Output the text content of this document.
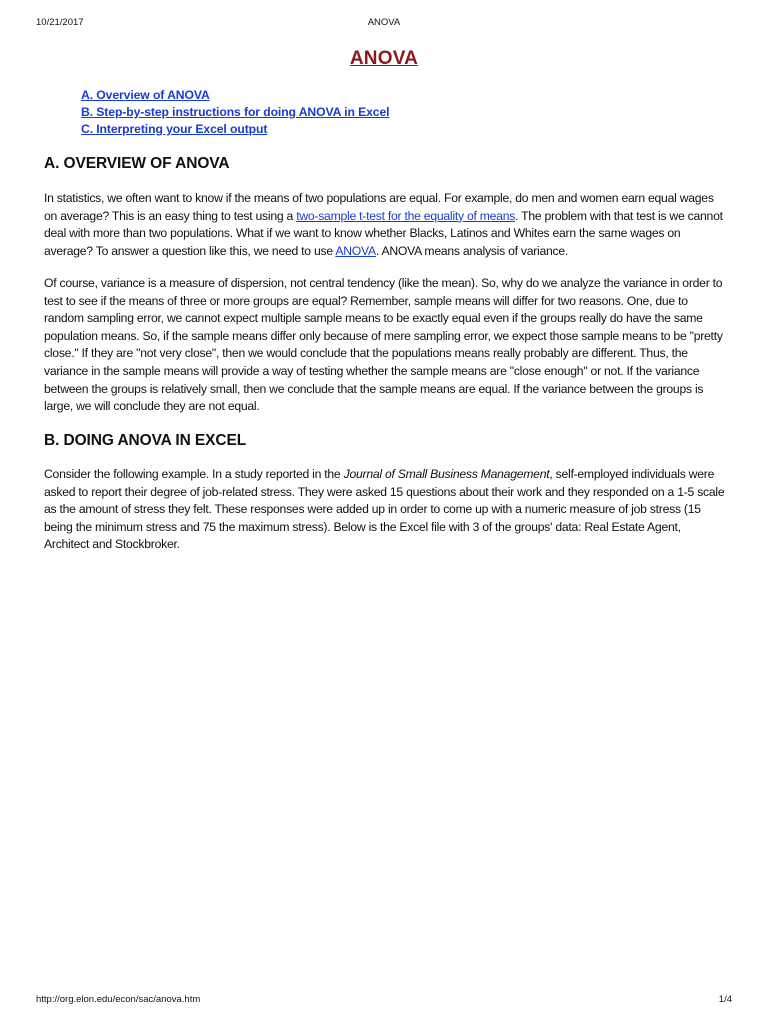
10/21/2017	ANOVA
ANOVA
A. Overview of ANOVA
B. Step-by-step instructions for doing ANOVA in Excel
C. Interpreting your Excel output
A. OVERVIEW OF ANOVA

In statistics, we often want to know if the means of two populations are equal. For example, do men and women earn equal wages on average? This is an easy thing to test using a two-sample t-test for the equality of means. The problem with that test is we cannot deal with more than two populations. What if we want to know whether Blacks, Latinos and Whites earn the same wages on average? To answer a question like this, we need to use ANOVA. ANOVA means analysis of variance.

Of course, variance is a measure of dispersion, not central tendency (like the mean). So, why do we analyze the variance in order to test to see if the means of three or more groups are equal? Remember, sample means will differ for two reasons. One, due to random sampling error, we cannot expect multiple sample means to be exactly equal even if the groups really do have the same population means. So, if the sample means differ only because of mere sampling error, we expect those sample means to be "pretty close." If they are "not very close", then we would conclude that the populations means really probably are different. Thus, the variance in the sample means will provide a way of testing whether the sample means are "close enough" or not. If the variance between the groups is relatively small, then we conclude that the sample means are equal. If the variance between the groups is large, we will conclude they are not equal.

B. DOING ANOVA IN EXCEL

Consider the following example. In a study reported in the Journal of Small Business Management, self-employed individuals were asked to report their degree of job-related stress. They were asked 15 questions about their work and they responded on a 1-5 scale as the amount of stress they felt. These responses were added up in order to come up with a numeric measure of job stress (15 being the minimum stress and 75 the maximum stress). Below is the Excel file with 3 of the groups' data: Real Estate Agent, Architect and Stockbroker.

http://org.elon.edu/econ/sac/anova.htm	1/4
